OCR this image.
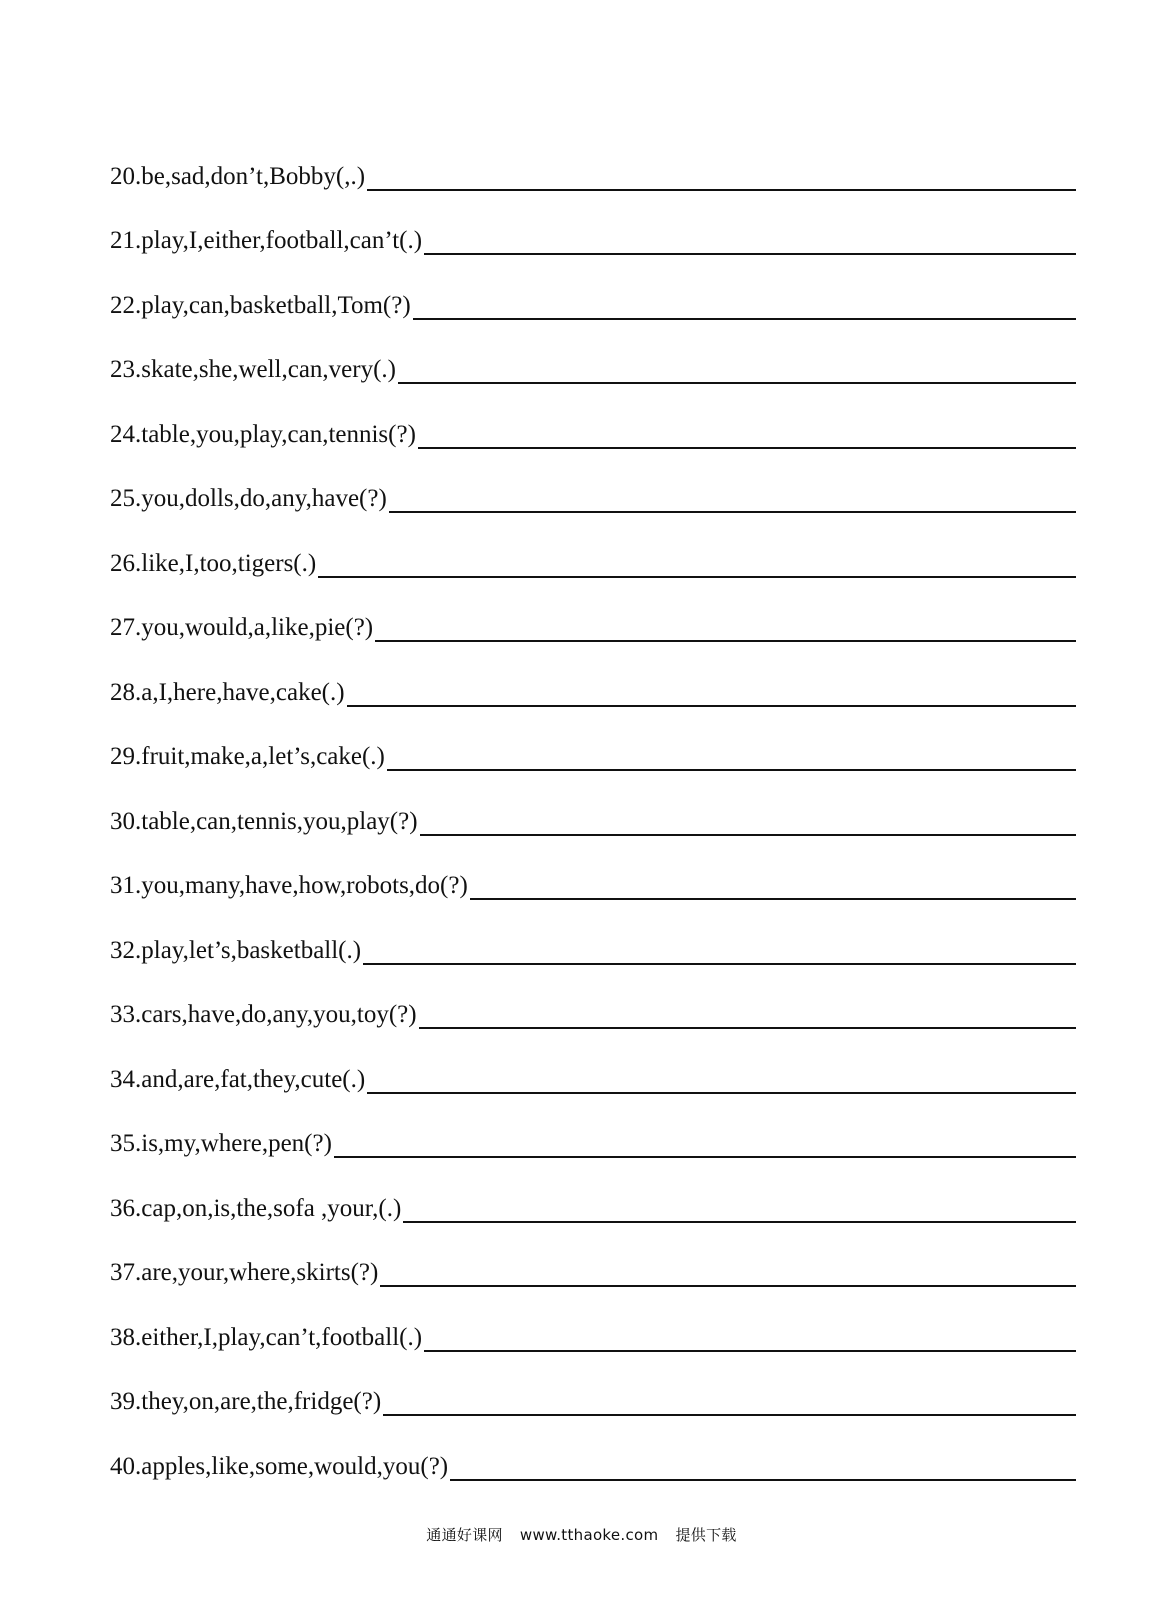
20.be,sad,don’t,Bobby(,.)
21.play,I,either,football,can’t(.)
22.play,can,basketball,Tom(?)
23.skate,she,well,can,very(.)
24.table,you,play,can,tennis(?)
25.you,dolls,do,any,have(?)
26.like,I,too,tigers(.)
27.you,would,a,like,pie(?)
28.a,I,here,have,cake(.)
29.fruit,make,a,let’s,cake(.)
30.table,can,tennis,you,play(?)
31.you,many,have,how,robots,do(?)
32.play,let’s,basketball(.)
33.cars,have,do,any,you,toy(?)
34.and,are,fat,they,cute(.)
35.is,my,where,pen(?)
36.cap,on,is,the,sofa ,your,(.)
37.are,your,where,skirts(?)
38.either,I,play,can’t,football(.)
39.they,on,are,the,fridge(?)
40.apples,like,some,would,you(?)
通通好课网 www.tthaoke.com 提供下载
